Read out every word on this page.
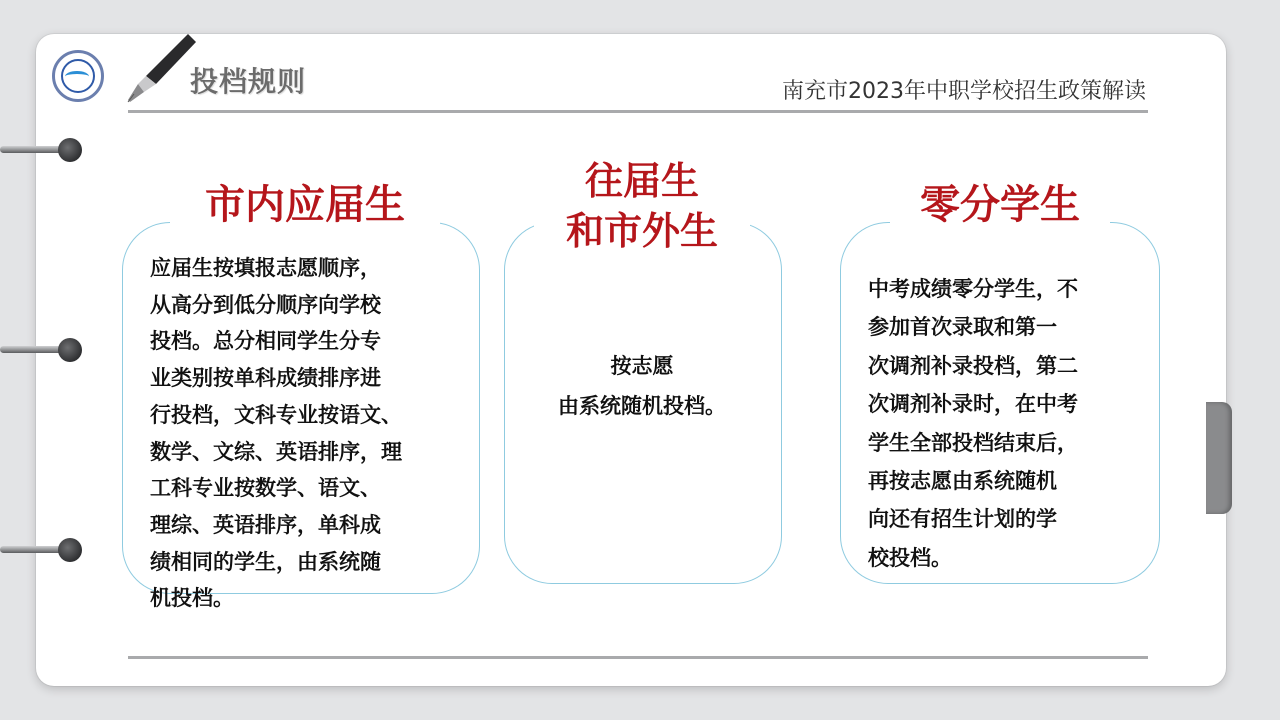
投档规则	南充市2023年中职学校招生政策解读
市内应届生
应届生按填报志愿顺序，
从高分到低分顺序向学校
投档。总分相同学生分专
业类别按单科成绩排序进
行投档，文科专业按语文、
数学、文综、英语排序，理
工科专业按数学、语文、
理综、英语排序，单科成
绩相同的学生，由系统随
机投档。
往届生
和市外生
按志愿
由系统随机投档。
零分学生
中考成绩零分学生，不
参加首次录取和第一
次调剂补录投档，第二
次调剂补录时，在中考
学生全部投档结束后，
再按志愿由系统随机
向还有招生计划的学
校投档。
